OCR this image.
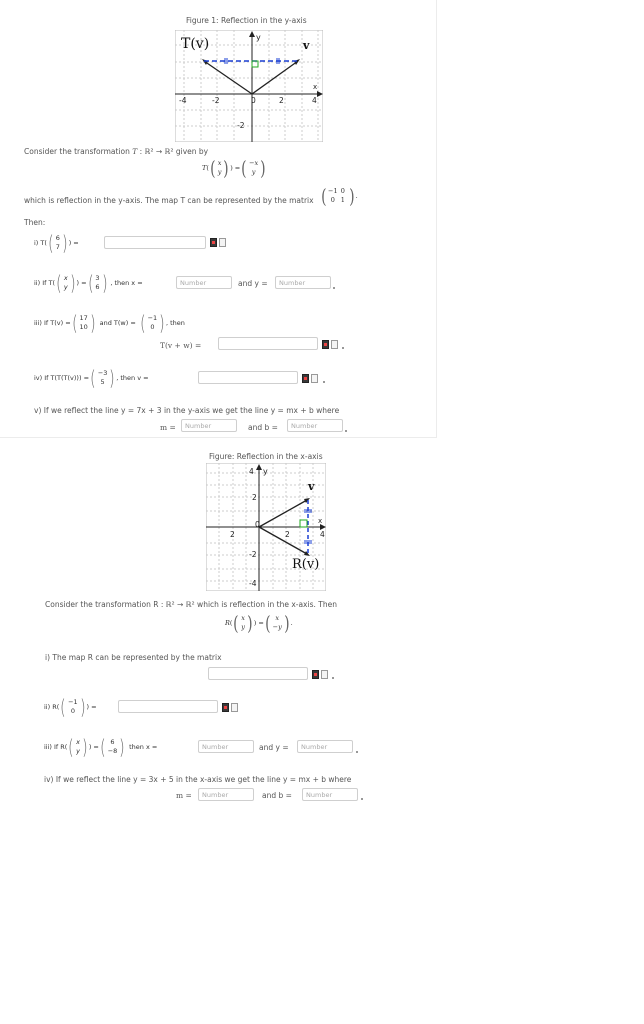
Figure 1: Reflection in the y-axis
T(v)	v
y
x
-4	-2	0	2	4
-2
Consider the transformation T : ℝ² → ℝ² given by
T ( ( x
y ) ) = ( −x
y )
which is reflection in the y-axis. The map T can be represented by the matrix ( −1 0
0 1 ) .
Then:
i) T( ( 6
7 ) ) =
ii) If T( ( x
y ) ) = ( 3
6 ) , then x =	Number	and y =	Number
iii) If T(v) = ( 17
10 ) and T(w) = ( −1
0 ) , then
T(v + w) =
iv) If T(T(T(v))) = ( −3
5 ) , then v =
v) If we reflect the line y = 7x + 3 in the y-axis we get the line y = mx + b where
m =	Number	and b =	Number
Figure: Reflection in the x-axis
R(v)
v
y
x
2
0
2	4
4
2
-2
-4
Consider the transformation R : ℝ² → ℝ² which is reflection in the x-axis. Then
R ( ( x
y ) ) = ( x
−y ) .
i) The map R can be represented by the matrix
ii) R( ( −1
0 ) ) =
iii) If R( ( x
y ) ) = ( 6
−8 ) then x =	Number	and y =	Number
iv) If we reflect the line y = 3x + 5 in the x-axis we get the line y = mx + b where
m =	Number	and b =	Number
